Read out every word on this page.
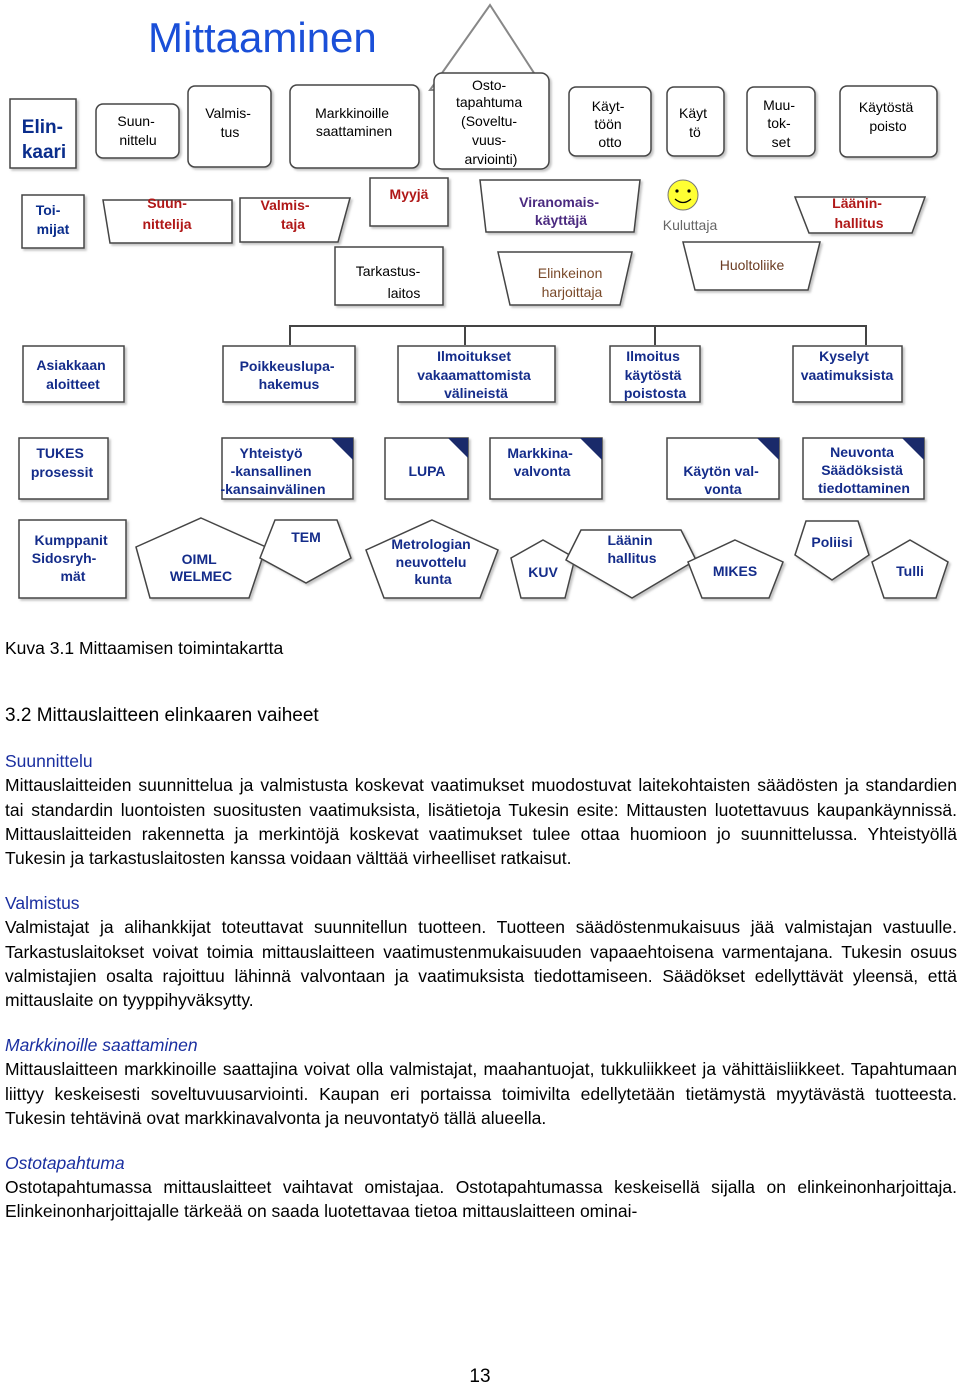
Mittaaminen
Elin- kaari
Suun- nittelu
Valmis- tus
Markkinoille saattaminen
Osto- tapahtuma (Soveltu- vuus- arviointi)
Käyt- töön otto
Käyt tö
Muu- tok- set
Käytöstä poisto
Toi- mijat
Suun- nittelija
Valmis- taja
Myyjä	Viranomais- käyttäjä	Kuluttaja
Läänin- hallitus
Tarkastus- laitos
Elinkeinon harjoittaja
Huoltoliike
Asiakkaan aloitteet
Poikkeuslupa- hakemus
Ilmoitukset vakaamattomista välineistä
Ilmoitus käytöstä poistosta
Kyselyt vaatimuksista
TUKES prosessit
Yhteistyö -kansallinen -kansainvälinen
LUPA
Markkina- valvonta	Käytön val- vonta
Neuvonta Säädöksistä tiedottaminen
Kumppanit Sidosryh- mät
OIML WELMEC
TEM	Metrologian neuvottelu kunta	KUV
Läänin hallitus
MIKES
Poliisi
Tulli

Kuva 3.1 Mittaamisen toimintakartta

3.2 Mittauslaitteen elinkaaren vaiheet

Suunnittelu

Mittauslaitteiden suunnittelua ja valmistusta koskevat vaatimukset muodostuvat laitekohtaisten säädösten ja standardien tai standardin luontoisten suositusten vaatimuksista, lisätietoja Tukesin esite: Mittausten luotettavuus kaupankäynnissä. Mittauslaitteiden rakennetta ja merkintöjä koskevat vaatimukset tulee ottaa huomioon jo suunnittelussa. Yhteistyöllä Tukesin ja tarkastuslaitosten kanssa voidaan välttää virheelliset ratkaisut.

Valmistus

Valmistajat ja alihankkijat toteuttavat suunnitellun tuotteen. Tuotteen säädöstenmukaisuus jää valmistajan vastuulle. Tarkastuslaitokset voivat toimia mittauslaitteen vaatimustenmukaisuuden vapaaehtoisena varmentajana. Tukesin osuus valmistajien osalta rajoittuu lähinnä valvontaan ja vaatimuksista tiedottamiseen. Säädökset edellyttävät yleensä, että mittauslaite on tyyppihyväksytty.

Markkinoille saattaminen

Mittauslaitteen markkinoille saattajina voivat olla valmistajat, maahantuojat, tukkuliikkeet ja vähittäisliikkeet. Tapahtumaan liittyy keskeisesti soveltuvuusarviointi. Kaupan eri portaissa toimivilta edellytetään tietämystä myytävästä tuotteesta. Tukesin tehtävinä ovat markkinavalvonta ja neuvontatyö tällä alueella.

Ostotapahtuma

Ostotapahtumassa mittauslaitteet vaihtavat omistajaa. Ostotapahtumassa keskeisellä sijalla on elinkeinonharjoittaja. Elinkeinonharjoittajalle tärkeää on saada luotettavaa tietoa mittauslaitteen ominai-

13
